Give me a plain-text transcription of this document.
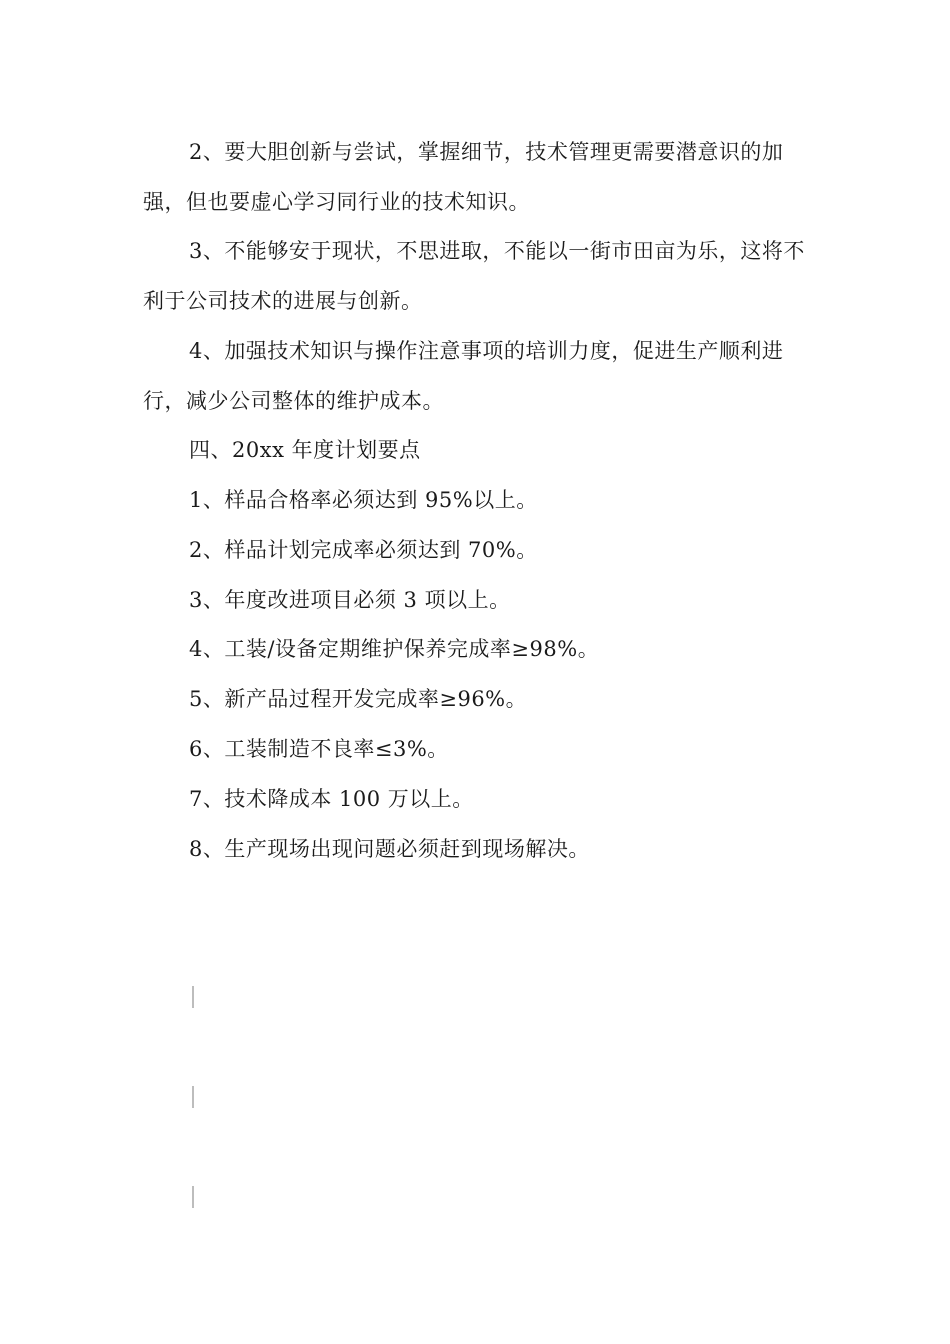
2、要大胆创新与尝试，掌握细节，技术管理更需要潜意识的加强，但也要虚心学习同行业的技术知识。

3、不能够安于现状，不思进取，不能以一街市田亩为乐，这将不利于公司技术的进展与创新。

4、加强技术知识与操作注意事项的培训力度，促进生产顺利进行，减少公司整体的维护成本。

四、20xx 年度计划要点

1、样品合格率必须达到 95%以上。

2、样品计划完成率必须达到 70%。

3、年度改进项目必须 3 项以上。

4、工装/设备定期维护保养完成率≥98%。

5、新产品过程开发完成率≥96%。

6、工装制造不良率≤3%。

7、技术降成本 100 万以上。

8、生产现场出现问题必须赶到现场解决。
